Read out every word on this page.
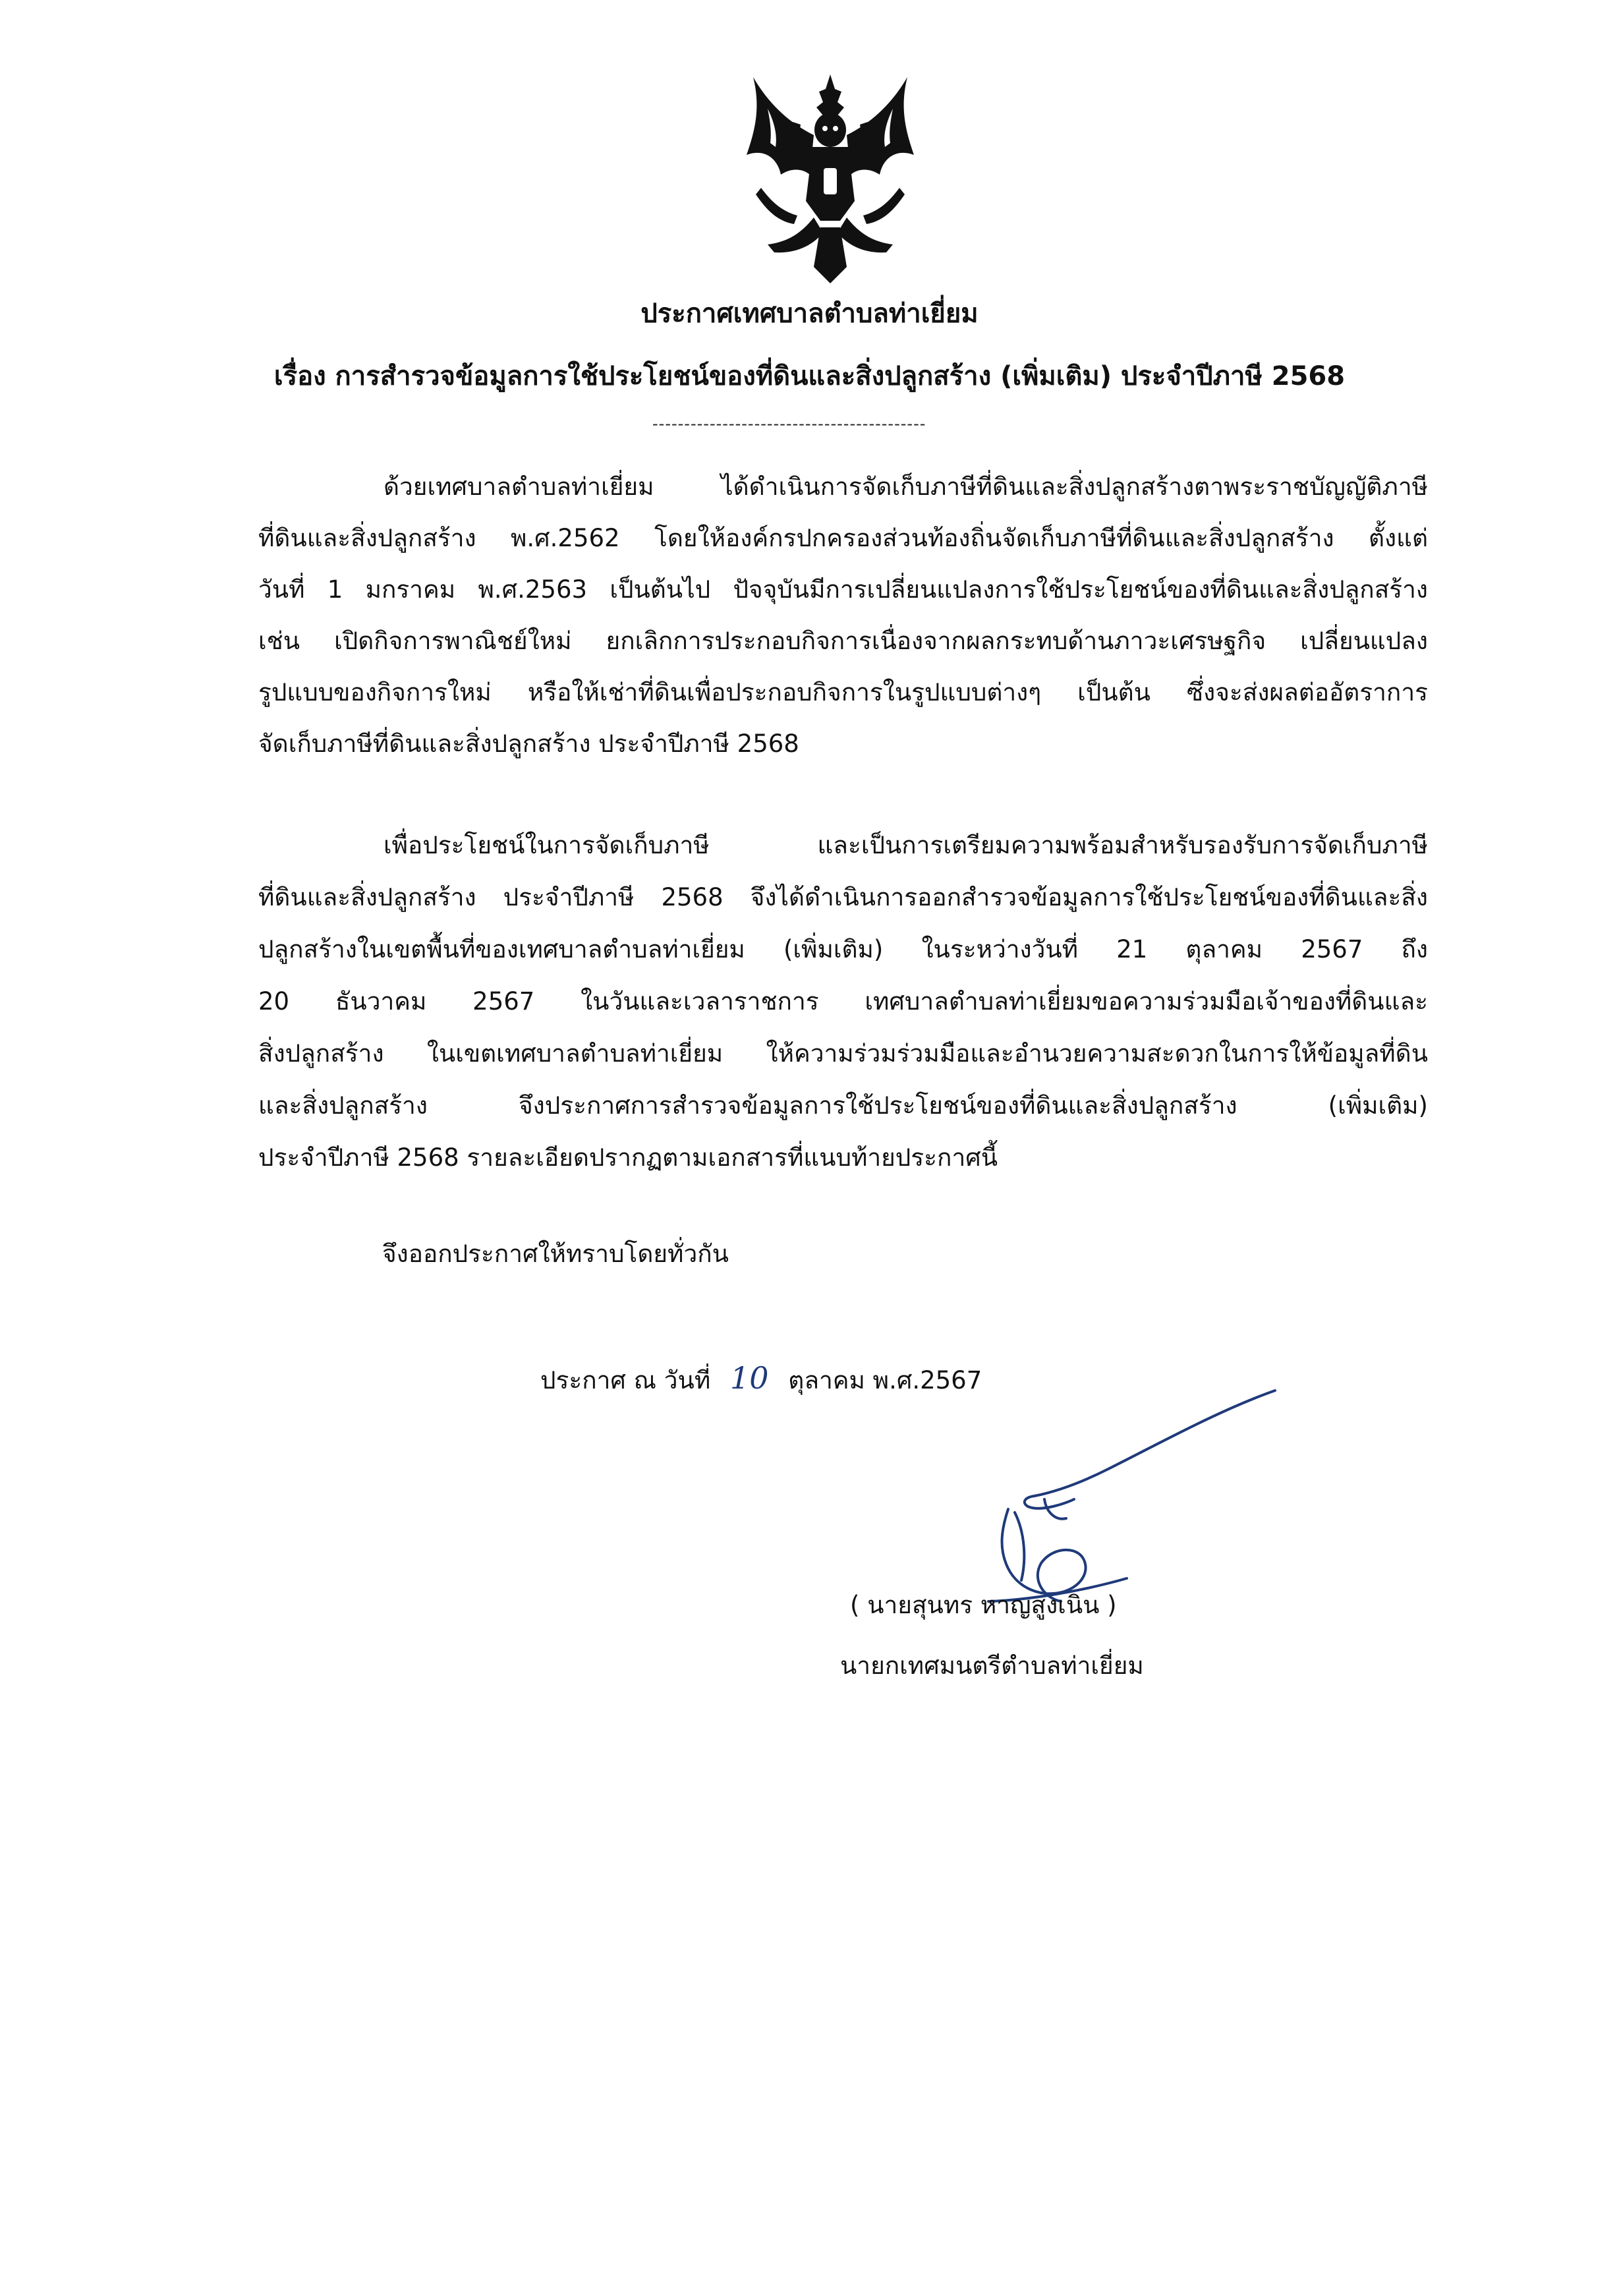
ประกาศเทศบาลตำบลท่าเยี่ยม
เรื่อง การสำรวจข้อมูลการใช้ประโยชน์ของที่ดินและสิ่งปลูกสร้าง (เพิ่มเติม) ประจำปีภาษี 2568
-------------------------------------------
ด้วยเทศบาลตำบลท่าเยี่ยม ได้ดำเนินการจัดเก็บภาษีที่ดินและสิ่งปลูกสร้างตาพระราชบัญญัติภาษี
ที่ดินและสิ่งปลูกสร้าง พ.ศ.2562 โดยให้องค์กรปกครองส่วนท้องถิ่นจัดเก็บภาษีที่ดินและสิ่งปลูกสร้าง ตั้งแต่
วันที่ 1 มกราคม พ.ศ.2563 เป็นต้นไป ปัจจุบันมีการเปลี่ยนแปลงการใช้ประโยชน์ของที่ดินและสิ่งปลูกสร้าง
เช่น เปิดกิจการพาณิชย์ใหม่ ยกเลิกการประกอบกิจการเนื่องจากผลกระทบด้านภาวะเศรษฐกิจ เปลี่ยนแปลง
รูปแบบของกิจการใหม่ หรือให้เช่าที่ดินเพื่อประกอบกิจการในรูปแบบต่างๆ เป็นต้น ซึ่งจะส่งผลต่ออัตราการ
จัดเก็บภาษีที่ดินและสิ่งปลูกสร้าง ประจำปีภาษี 2568
เพื่อประโยชน์ในการจัดเก็บภาษี และเป็นการเตรียมความพร้อมสำหรับรองรับการจัดเก็บภาษี
ที่ดินและสิ่งปลูกสร้าง ประจำปีภาษี 2568 จึงได้ดำเนินการออกสำรวจข้อมูลการใช้ประโยชน์ของที่ดินและสิ่ง
ปลูกสร้างในเขตพื้นที่ของเทศบาลตำบลท่าเยี่ยม (เพิ่มเติม) ในระหว่างวันที่ 21 ตุลาคม 2567 ถึง
20 ธันวาคม 2567 ในวันและเวลาราชการ เทศบาลตำบลท่าเยี่ยมขอความร่วมมือเจ้าของที่ดินและ
สิ่งปลูกสร้าง ในเขตเทศบาลตำบลท่าเยี่ยม ให้ความร่วมร่วมมือและอำนวยความสะดวกในการให้ข้อมูลที่ดิน
และสิ่งปลูกสร้าง จึงประกาศการสำรวจข้อมูลการใช้ประโยชน์ของที่ดินและสิ่งปลูกสร้าง (เพิ่มเติม)
ประจำปีภาษี 2568 รายละเอียดปรากฏตามเอกสารที่แนบท้ายประกาศนี้
จึงออกประกาศให้ทราบโดยทั่วกัน
ประกาศ ณ วันที่ 10 ตุลาคม พ.ศ.2567
( นายสุนทร หาญสูงเนิน )
นายกเทศมนตรีตำบลท่าเยี่ยม
